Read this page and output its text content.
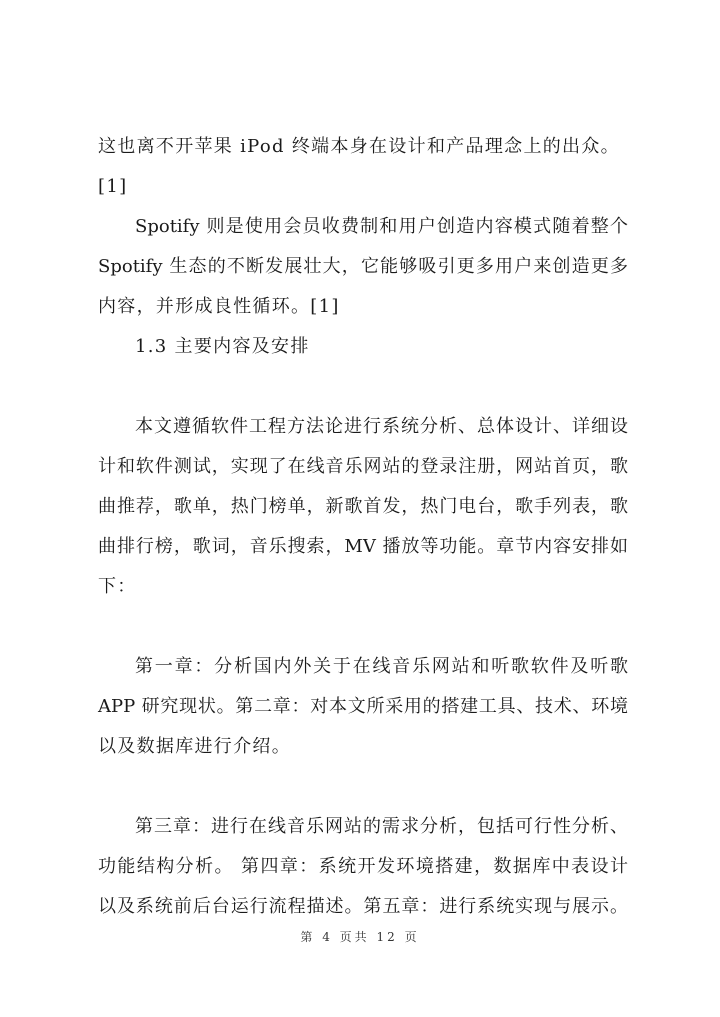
这也离不开苹果 iPod 终端本身在设计和产品理念上的出众。
[1]
Spotify 则是使用会员收费制和用户创造内容模式随着整个
Spotify 生态的不断发展壮大，它能够吸引更多用户来创造更多
内容，并形成良性循环。[1]
1.3 主要内容及安排
本文遵循软件工程方法论进行系统分析、总体设计、详细设
计和软件测试，实现了在线音乐网站的登录注册，网站首页，歌
曲推荐，歌单，热门榜单，新歌首发，热门电台，歌手列表，歌
曲排行榜，歌词，音乐搜索，MV 播放等功能。章节内容安排如
下：
第一章：分析国内外关于在线音乐网站和听歌软件及听歌
APP 研究现状。第二章：对本文所采用的搭建工具、技术、环境
以及数据库进行介绍。
第三章：进行在线音乐网站的需求分析，包括可行性分析、
功能结构分析。 第四章：系统开发环境搭建，数据库中表设计
以及系统前后台运行流程描述。第五章：进行系统实现与展示。
第 4 页共 12 页
